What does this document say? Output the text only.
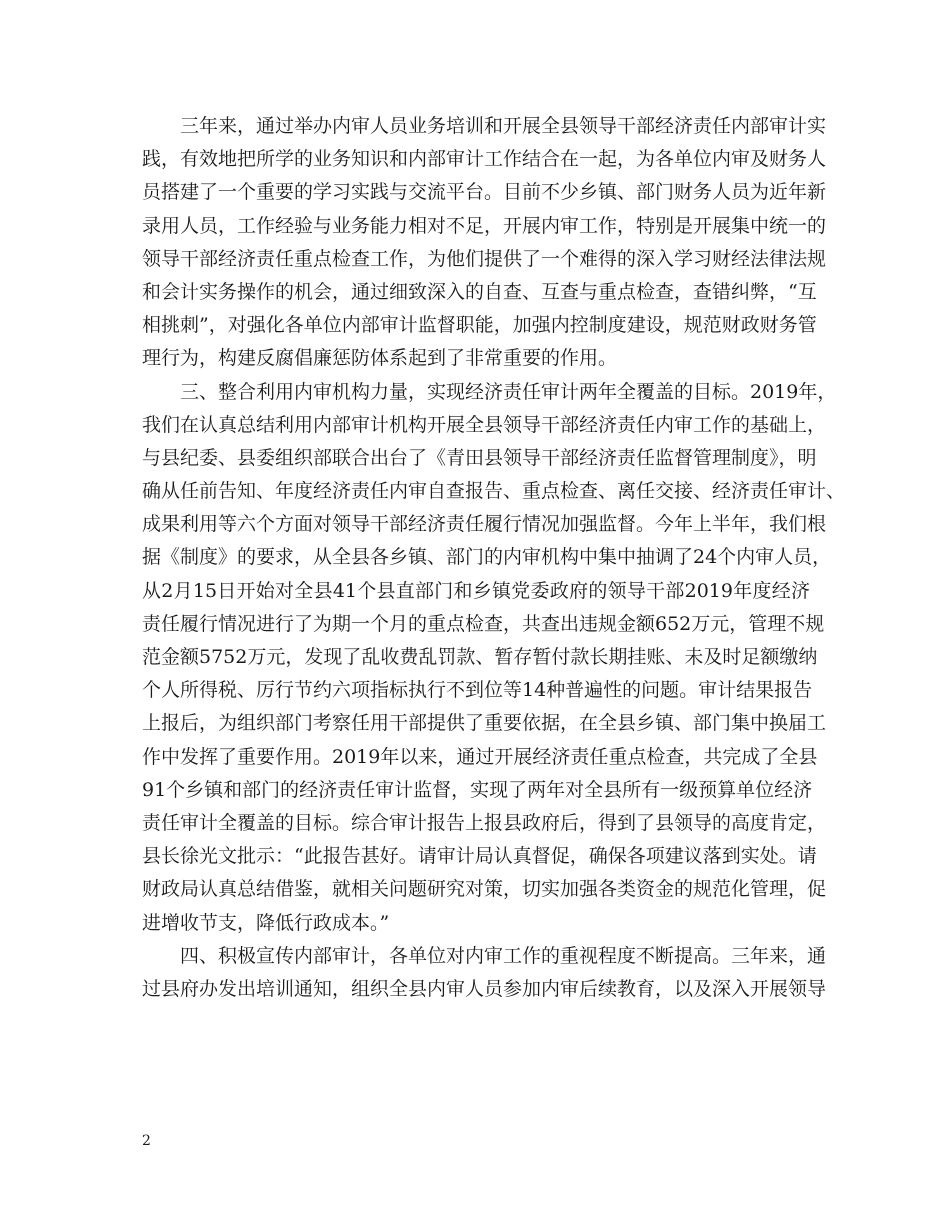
三年来，通过举办内审人员业务培训和开展全县领导干部经济责任内部审计实
践，有效地把所学的业务知识和内部审计工作结合在一起，为各单位内审及财务人
员搭建了一个重要的学习实践与交流平台。目前不少乡镇、部门财务人员为近年新
录用人员，工作经验与业务能力相对不足，开展内审工作，特别是开展集中统一的
领导干部经济责任重点检查工作，为他们提供了一个难得的深入学习财经法律法规
和会计实务操作的机会，通过细致深入的自查、互查与重点检查，查错纠弊，“互
相挑刺”，对强化各单位内部审计监督职能，加强内控制度建设，规范财政财务管
理行为，构建反腐倡廉惩防体系起到了非常重要的作用。
三、整合利用内审机构力量，实现经济责任审计两年全覆盖的目标。2019年，
我们在认真总结利用内部审计机构开展全县领导干部经济责任内审工作的基础上，
与县纪委、县委组织部联合出台了《青田县领导干部经济责任监督管理制度》，明
确从任前告知、年度经济责任内审自查报告、重点检查、离任交接、经济责任审计、
成果利用等六个方面对领导干部经济责任履行情况加强监督。今年上半年，我们根
据《制度》的要求，从全县各乡镇、部门的内审机构中集中抽调了24个内审人员，
从2月15日开始对全县41个县直部门和乡镇党委政府的领导干部2019年度经济
责任履行情况进行了为期一个月的重点检查，共查出违规金额652万元，管理不规
范金额5752万元，发现了乱收费乱罚款、暂存暂付款长期挂账、未及时足额缴纳
个人所得税、厉行节约六项指标执行不到位等14种普遍性的问题。审计结果报告
上报后，为组织部门考察任用干部提供了重要依据，在全县乡镇、部门集中换届工
作中发挥了重要作用。2019年以来，通过开展经济责任重点检查，共完成了全县
91个乡镇和部门的经济责任审计监督，实现了两年对全县所有一级预算单位经济
责任审计全覆盖的目标。综合审计报告上报县政府后，得到了县领导的高度肯定，
县长徐光文批示：“此报告甚好。请审计局认真督促，确保各项建议落到实处。请
财政局认真总结借鉴，就相关问题研究对策，切实加强各类资金的规范化管理，促
进增收节支，降低行政成本。”
四、积极宣传内部审计，各单位对内审工作的重视程度不断提高。三年来，通
过县府办发出培训通知，组织全县内审人员参加内审后续教育，以及深入开展领导
2
